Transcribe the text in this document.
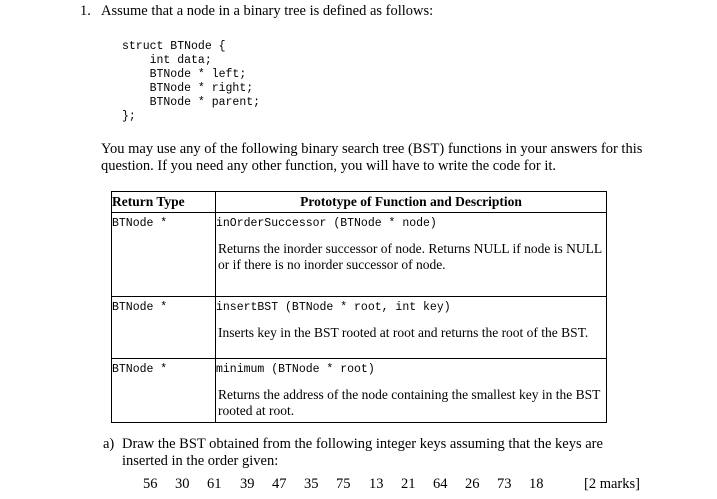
1. Assume that a node in a binary tree is defined as follows:
struct BTNode {
int data;
BTNode * left;
BTNode * right;
BTNode * parent;
};
You may use any of the following binary search tree (BST) functions in your answers for this
question. If you need any other function, you will have to write the code for it.
Return Type	Prototype of Function and Description

BTNode *	inOrderSuccessor (BTNode * node)
Returns the inorder successor of node. Returns NULL if node is NULL
or if there is no inorder successor of node.

BTNode *	insertBST (BTNode * root, int key)
Inserts key in the BST rooted at root and returns the root of the BST.

BTNode *	minimum (BTNode * root)
Returns the address of the node containing the smallest key in the BST
rooted at root.
a) Draw the BST obtained from the following integer keys assuming that the keys are
inserted in the order given:
56 30 61 39 47 35 75 13 21 64 26 73 18	[2 marks]
